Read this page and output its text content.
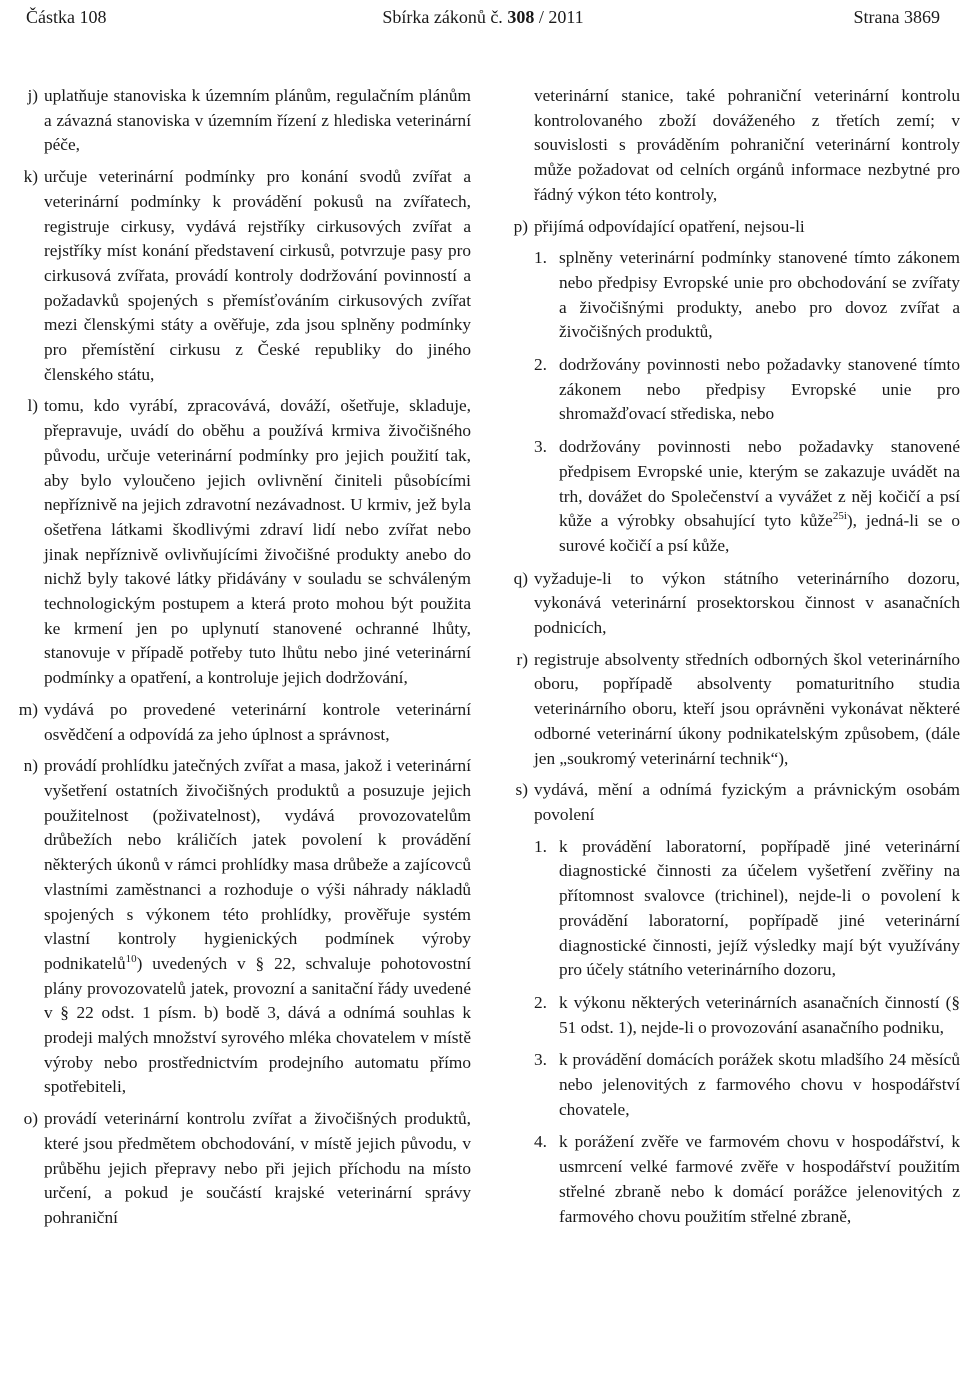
Částka 108	Sbírka zákonů č. 308 / 2011	Strana 3869
j) uplatňuje stanoviska k územním plánům, regulačním plánům a závazná stanoviska v územním řízení z hlediska veterinární péče,
k) určuje veterinární podmínky pro konání svodů zvířat a veterinární podmínky k provádění pokusů na zvířatech, registruje cirkusy, vydává rejstříky cirkusových zvířat a rejstříky míst konání představení cirkusů, potvrzuje pasy pro cirkusová zvířata, provádí kontroly dodržování povinností a požadavků spojených s přemísťováním cirkusových zvířat mezi členskými státy a ověřuje, zda jsou splněny podmínky pro přemístění cirkusu z České republiky do jiného členského státu,
l) tomu, kdo vyrábí, zpracovává, dováží, ošetřuje, skladuje, přepravuje, uvádí do oběhu a používá krmiva živočišného původu, určuje veterinární podmínky pro jejich použití tak, aby bylo vyloučeno jejich ovlivnění činiteli působícími nepříznivě na jejich zdravotní nezávadnost. U krmiv, jež byla ošetřena látkami škodlivými zdraví lidí nebo zvířat nebo jinak nepříznivě ovlivňujícími živočišné produkty anebo do nichž byly takové látky přidávány v souladu se schváleným technologickým postupem a která proto mohou být použita ke krmení jen po uplynutí stanovené ochranné lhůty, stanovuje v případě potřeby tuto lhůtu nebo jiné veterinární podmínky a opatření, a kontroluje jejich dodržování,
m) vydává po provedené veterinární kontrole veterinární osvědčení a odpovídá za jeho úplnost a správnost,
n) provádí prohlídku jatečných zvířat a masa, jakož i veterinární vyšetření ostatních živočišných produktů a posuzuje jejich použitelnost (poživatelnost), vydává provozovatelům drůbežích nebo králičích jatek povolení k provádění některých úkonů v rámci prohlídky masa drůbeže a zajícovců vlastními zaměstnanci a rozhoduje o výši náhrady nákladů spojených s výkonem této prohlídky, prověřuje systém vlastní kontroly hygienických podmínek výroby podnikatelů$^{10}$) uvedených v § 22, schvaluje pohotovostní plány provozovatelů jatek, provozní a sanitační řády uvedené v § 22 odst. 1 písm. b) bodě 3, dává a odnímá souhlas k prodeji malých množství syrového mléka chovatelem v místě výroby nebo prostřednictvím prodejního automatu přímo spotřebiteli,
o) provádí veterinární kontrolu zvířat a živočišných produktů, které jsou předmětem obchodování, v místě jejich původu, v průběhu jejich přepravy nebo při jejich příchodu na místo určení, a pokud je součástí krajské veterinární správy pohraniční
veterinární stanice, také pohraniční veterinární kontrolu kontrolovaného zboží dováženého z třetích zemí; v souvislosti s prováděním pohraniční veterinární kontroly může požadovat od celních orgánů informace nezbytné pro řádný výkon této kontroly,
p) přijímá odpovídající opatření, nejsou-li
1. splněny veterinární podmínky stanovené tímto zákonem nebo předpisy Evropské unie pro obchodování se zvířaty a živočišnými produkty, anebo pro dovoz zvířat a živočišných produktů,
2. dodržovány povinnosti nebo požadavky stanovené tímto zákonem nebo předpisy Evropské unie pro shromažďovací střediska, nebo
3. dodržovány povinnosti nebo požadavky stanovené předpisem Evropské unie, kterým se zakazuje uvádět na trh, dovážet do Společenství a vyvážet z něj kočičí a psí kůže a výrobky obsahující tyto kůže$^{25i}$), jedná-li se o surové kočičí a psí kůže,
q) vyžaduje-li to výkon státního veterinárního dozoru, vykonává veterinární prosektorskou činnost v asanačních podnicích,
r) registruje absolventy středních odborných škol veterinárního oboru, popřípadě absolventy pomaturitního studia veterinárního oboru, kteří jsou oprávněni vykonávat některé odborné veterinární úkony podnikatelským způsobem, (dále jen „soukromý veterinární technik“),
s) vydává, mění a odnímá fyzickým a právnickým osobám povolení
1. k provádění laboratorní, popřípadě jiné veterinární diagnostické činnosti za účelem vyšetření zvěřiny na přítomnost svalovce (trichinel), nejde-li o povolení k provádění laboratorní, popřípadě jiné veterinární diagnostické činnosti, jejíž výsledky mají být využívány pro účely státního veterinárního dozoru,
2. k výkonu některých veterinárních asanačních činností (§ 51 odst. 1), nejde-li o provozování asanačního podniku,
3. k provádění domácích porážek skotu mladšího 24 měsíců nebo jelenovitých z farmového chovu v hospodářství chovatele,
4. k porážení zvěře ve farmovém chovu v hospodářství, k usmrcení velké farmové zvěře v hospodářství použitím střelné zbraně nebo k domácí porážce jelenovitých z farmového chovu použitím střelné zbraně,
